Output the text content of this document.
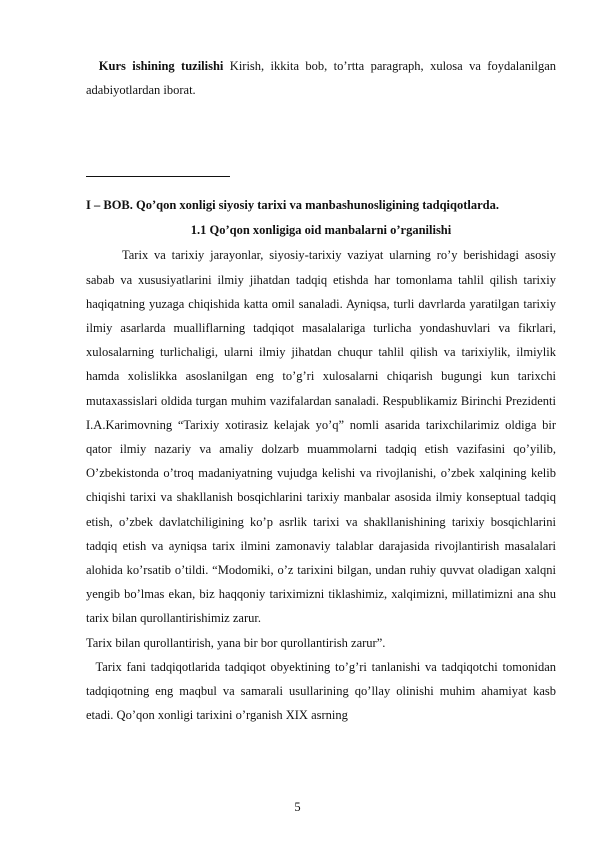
Kurs ishining tuzilishi Kirish, ikkita bob, to’rtta paragraph, xulosa va foydalanilgan adabiyotlardan iborat.

I – BOB. Qo’qon xonligi siyosiy tarixi va manbashunosligining tadqiqotlarda.

1.1 Qo’qon xonligiga oid manbalarni o’rganilishi

Tarix va tarixiy jarayonlar, siyosiy-tarixiy vaziyat ularning ro’y berishidagi asosiy sabab va xususiyatlarini ilmiy jihatdan tadqiq etishda har tomonlama tahlil qilish tarixiy haqiqatning yuzaga chiqishida katta omil sanaladi. Ayniqsa, turli davrlarda yaratilgan tarixiy ilmiy asarlarda mualliflarning tadqiqot masalalariga turlicha yondashuvlari va fikrlari, xulosalarning turlichaligi, ularni ilmiy jihatdan chuqur tahlil qilish va tarixiylik, ilmiylik hamda xolislikka asoslanilgan eng to’g’ri xulosalarni chiqarish bugungi kun tarixchi mutaxassislari oldida turgan muhim vazifalardan sanaladi. Respublikamiz Birinchi Prezidenti I.A.Karimovning “Tarixiy xotirasiz kelajak yo’q” nomli asarida tarixchilarimiz oldiga bir qator ilmiy nazariy va amaliy dolzarb muammolarni tadqiq etish vazifasini qo’yilib, O’zbekistonda o’troq madaniyatning vujudga kelishi va rivojlanishi, o’zbek xalqining kelib chiqishi tarixi va shakllanish bosqichlarini tarixiy manbalar asosida ilmiy konseptual tadqiq etish, o’zbek davlatchiligining ko’p asrlik tarixi va shakllanishining tarixiy bosqichlarini tadqiq etish va ayniqsa tarix ilmini zamonaviy talablar darajasida rivojlantirish masalalari alohida ko’rsatib o’tildi. “Modomiki, o’z tarixini bilgan, undan ruhiy quvvat oladigan xalqni yengib bo’lmas ekan, biz haqqoniy tariximizni tiklashimiz, xalqimizni, millatimizni ana shu tarix bilan qurollantirishimiz zarur.

Tarix bilan qurollantirish, yana bir bor qurollantirish zarur”.

Tarix fani tadqiqotlarida tadqiqot obyektining to’g’ri tanlanishi va tadqiqotchi tomonidan tadqiqotning eng maqbul va samarali usullarining qo’llay olinishi muhim ahamiyat kasb etadi. Qo’qon xonligi tarixini o’rganish XIX asrning

5
